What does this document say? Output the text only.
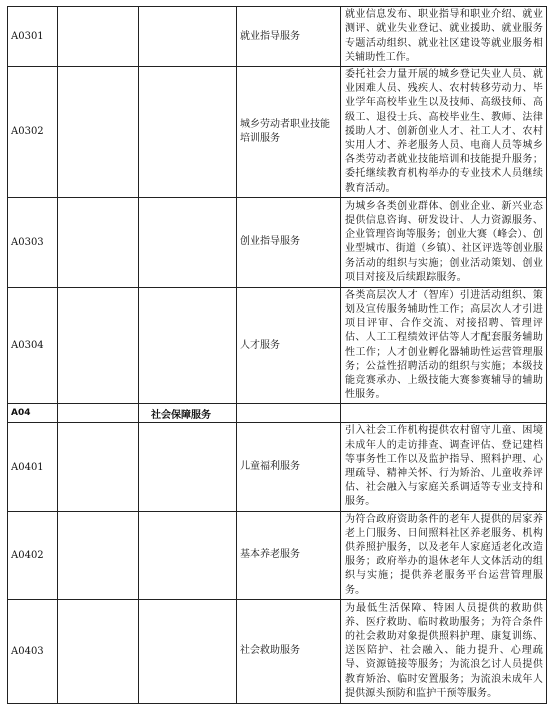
A0301			就业指导服务	就业信息发布、职业指导和职业介绍、就业测评、就业失业登记、就业援助、就业服务专题活动组织、就业社区建设等就业服务相关辅助性工作。
A0302			城乡劳动者职业技能培训服务	委托社会力量开展的城乡登记失业人员、就业困难人员、残疾人、农村转移劳动力、毕业学年高校毕业生以及技师、高级技师、高级工、退役士兵、高校毕业生、教师、法律援助人才、创新创业人才、社工人才、农村实用人才、养老服务人员、电商人员等城乡各类劳动者就业技能培训和技能提升服务；委托继续教育机构举办的专业技术人员继续教育活动。
A0303			创业指导服务	为城乡各类创业群体、创业企业、新兴业态提供信息咨询、研发设计、人力资源服务、企业管理咨询等服务；创业大赛（峰会）、创业型城市、街道（乡镇）、社区评选等创业服务活动的组织与实施；创业活动策划、创业项目对接及后续跟踪服务。
A0304			人才服务	各类高层次人才（智库）引进活动组织、策划及宣传服务辅助性工作；高层次人才引进项目评审、合作交流、对接招聘、管理评估、人工工程绩效评估等人才配套服务辅助性工作；人才创业孵化器辅助性运营管理服务；公益性招聘活动的组织与实施；本级技能竞赛承办、上级技能大赛参赛辅导的辅助性服务。
A04		社会保障服务		
A0401			儿童福利服务	引入社会工作机构提供农村留守儿童、困境未成年人的走访排查、调查评估、登记建档等事务性工作以及监护指导、照料护理、心理疏导、精神关怀、行为矫治、儿童收养评估、社会融入与家庭关系调适等专业支持和服务。
A0402			基本养老服务	为符合政府资助条件的老年人提供的居家养老上门服务、日间照料社区养老服务、机构供养照护服务，以及老年人家庭适老化改造服务；政府举办的退休老年人文体活动的组织与实施；提供养老服务平台运营管理服务。
A0403			社会救助服务	为最低生活保障、特困人员提供的救助供养、医疗救助、临时救助服务；为符合条件的社会救助对象提供照料护理、康复训练、送医陪护、社会融入、能力提升、心理疏导、资源链接等服务；为流浪乞讨人员提供教育矫治、临时安置服务；为流浪未成年人提供源头预防和监护干预等服务。
